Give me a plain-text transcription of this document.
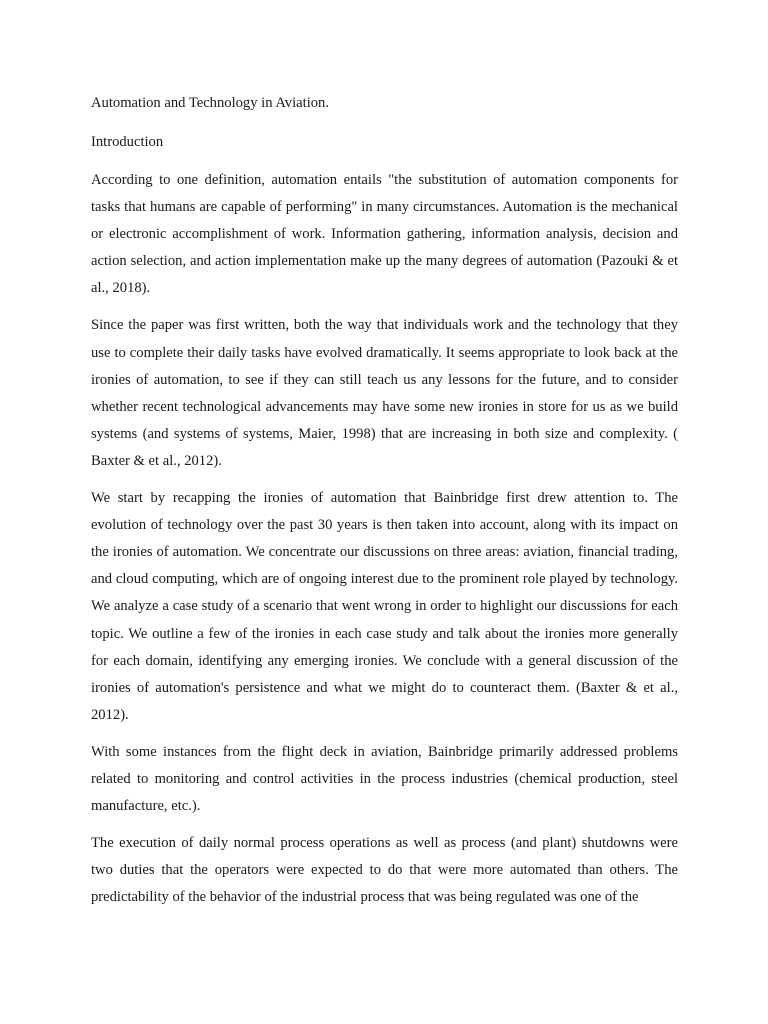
Automation and Technology in Aviation.

Introduction

According to one definition, automation entails "the substitution of automation components for tasks that humans are capable of performing" in many circumstances. Automation is the mechanical or electronic accomplishment of work. Information gathering, information analysis, decision and action selection, and action implementation make up the many degrees of automation (Pazouki & et al., 2018).

Since the paper was first written, both the way that individuals work and the technology that they use to complete their daily tasks have evolved dramatically. It seems appropriate to look back at the ironies of automation, to see if they can still teach us any lessons for the future, and to consider whether recent technological advancements may have some new ironies in store for us as we build systems (and systems of systems, Maier, 1998) that are increasing in both size and complexity. ( Baxter & et al., 2012).

We start by recapping the ironies of automation that Bainbridge first drew attention to. The evolution of technology over the past 30 years is then taken into account, along with its impact on the ironies of automation. We concentrate our discussions on three areas: aviation, financial trading, and cloud computing, which are of ongoing interest due to the prominent role played by technology. We analyze a case study of a scenario that went wrong in order to highlight our discussions for each topic. We outline a few of the ironies in each case study and talk about the ironies more generally for each domain, identifying any emerging ironies. We conclude with a general discussion of the ironies of automation's persistence and what we might do to counteract them. (Baxter & et al., 2012).

With some instances from the flight deck in aviation, Bainbridge primarily addressed problems related to monitoring and control activities in the process industries (chemical production, steel manufacture, etc.).

The execution of daily normal process operations as well as process (and plant) shutdowns were two duties that the operators were expected to do that were more automated than others. The predictability of the behavior of the industrial process that was being regulated was one of the
